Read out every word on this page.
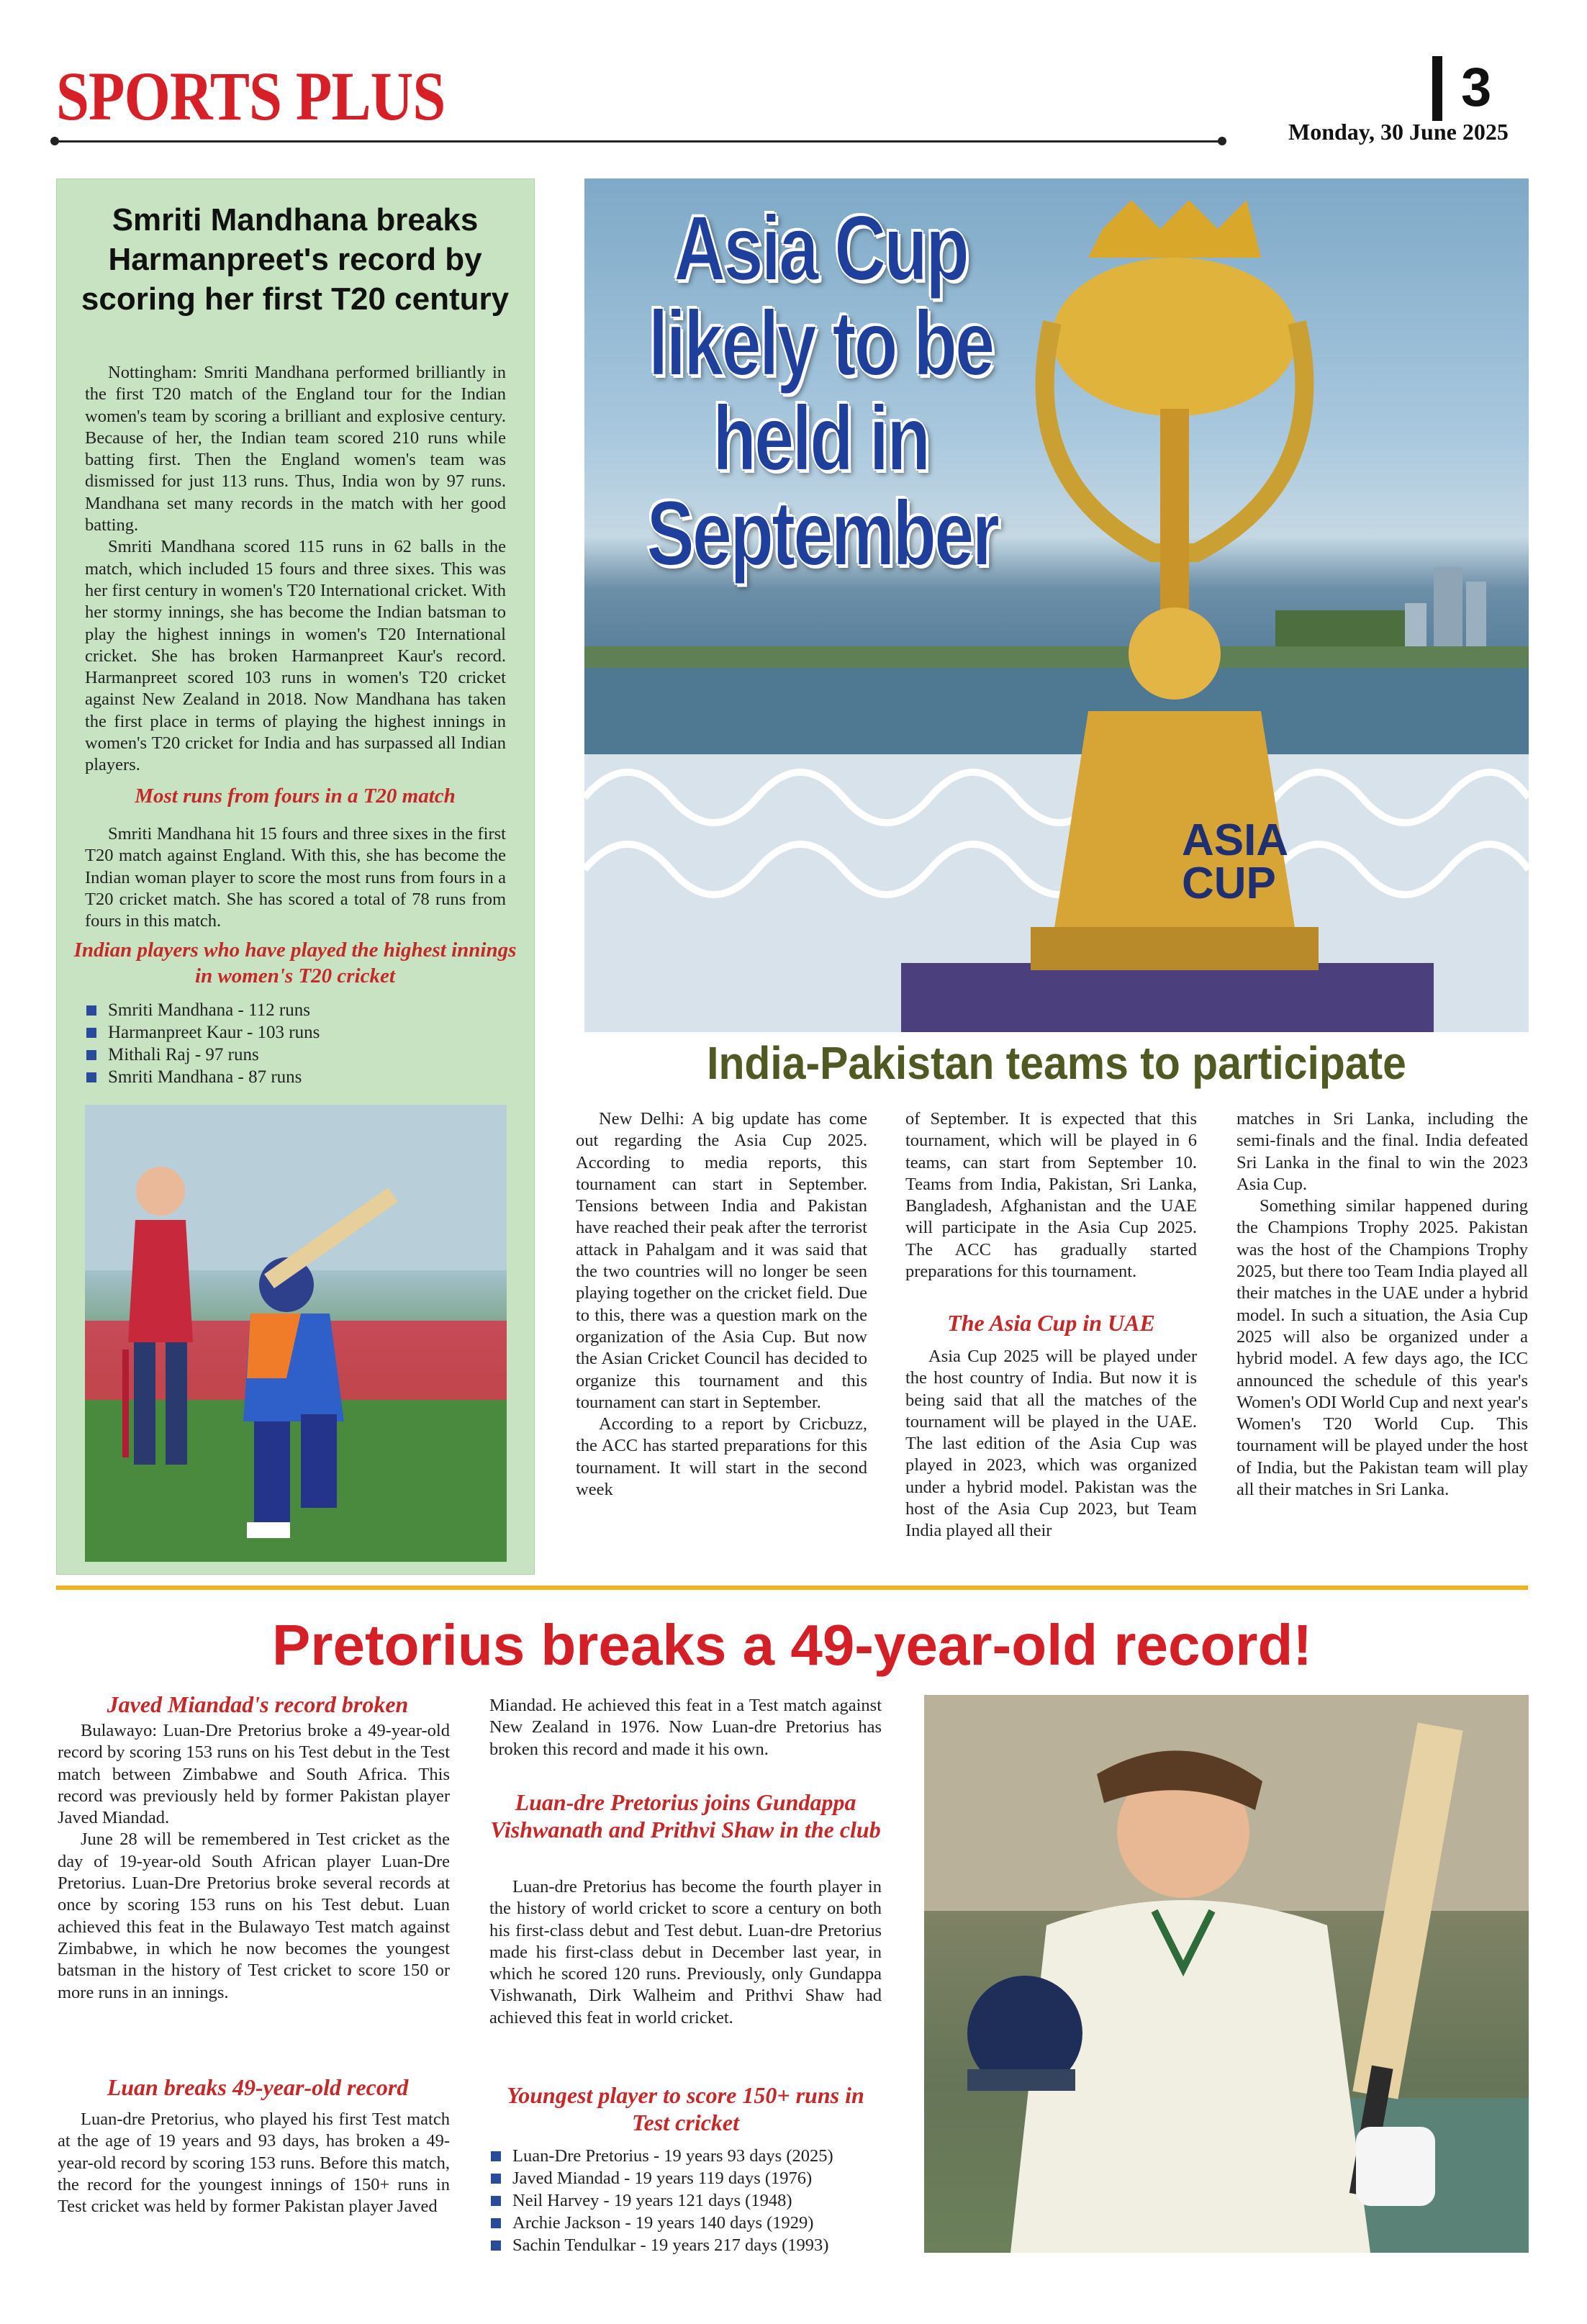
SPORTS PLUS	3
Monday, 30 June 2025
Smriti Mandhana breaks Harmanpreet's record by scoring her first T20 century

Nottingham: Smriti Mandhana performed brilliantly in the first T20 match of the England tour for the Indian women's team by scoring a brilliant and explosive century. Because of her, the Indian team scored 210 runs while batting first. Then the England women's team was dismissed for just 113 runs. Thus, India won by 97 runs. Mandhana set many records in the match with her good batting.

Smriti Mandhana scored 115 runs in 62 balls in the match, which included 15 fours and three sixes. This was her first century in women's T20 International cricket. With her stormy innings, she has become the Indian batsman to play the highest innings in women's T20 International cricket. She has broken Harmanpreet Kaur's record. Harmanpreet scored 103 runs in women's T20 cricket against New Zealand in 2018. Now Mandhana has taken the first place in terms of playing the highest innings in women's T20 cricket for India and has surpassed all Indian players.

Most runs from fours in a T20 match

Smriti Mandhana hit 15 fours and three sixes in the first T20 match against England. With this, she has become the Indian woman player to score the most runs from fours in a T20 cricket match. She has scored a total of 78 runs from fours in this match.

Indian players who have played the highest innings in women's T20 cricket
Smriti Mandhana - 112 runs
Harmanpreet Kaur - 103 runs
Mithali Raj - 97 runs
Smriti Mandhana - 87 runs
ASIA
CUP
Asia Cup likely to be held in September
India-Pakistan teams to participate

New Delhi: A big update has come out regarding the Asia Cup 2025. According to media reports, this tournament can start in September. Tensions between India and Pakistan have reached their peak after the terrorist attack in Pahalgam and it was said that the two countries will no longer be seen playing together on the cricket field. Due to this, there was a question mark on the organization of the Asia Cup. But now the Asian Cricket Council has decided to organize this tournament and this tournament can start in September.

According to a report by Cricbuzz, the ACC has started preparations for this tournament. It will start in the second week

of September. It is expected that this tournament, which will be played in 6 teams, can start from September 10. Teams from India, Pakistan, Sri Lanka, Bangladesh, Afghanistan and the UAE will participate in the Asia Cup 2025. The ACC has gradually started preparations for this tournament.

The Asia Cup in UAE

Asia Cup 2025 will be played under the host country of India. But now it is being said that all the matches of the tournament will be played in the UAE. The last edition of the Asia Cup was played in 2023, which was organized under a hybrid model. Pakistan was the host of the Asia Cup 2023, but Team India played all their

matches in Sri Lanka, including the semi-finals and the final. India defeated Sri Lanka in the final to win the 2023 Asia Cup.

Something similar happened during the Champions Trophy 2025. Pakistan was the host of the Champions Trophy 2025, but there too Team India played all their matches in the UAE under a hybrid model. In such a situation, the Asia Cup 2025 will also be organized under a hybrid model. A few days ago, the ICC announced the schedule of this year's Women's ODI World Cup and next year's Women's T20 World Cup. This tournament will be played under the host of India, but the Pakistan team will play all their matches in Sri Lanka.

Pretorius breaks a 49-year-old record!
Javed Miandad's record broken

Bulawayo: Luan-Dre Pretorius broke a 49-year-old record by scoring 153 runs on his Test debut in the Test match between Zimbabwe and South Africa. This record was previously held by former Pakistan player Javed Miandad.

June 28 will be remembered in Test cricket as the day of 19-year-old South African player Luan-Dre Pretorius. Luan-Dre Pretorius broke several records at once by scoring 153 runs on his Test debut. Luan achieved this feat in the Bulawayo Test match against Zimbabwe, in which he now becomes the youngest batsman in the history of Test cricket to score 150 or more runs in an innings.

Luan breaks 49-year-old record

Luan-dre Pretorius, who played his first Test match at the age of 19 years and 93 days, has broken a 49-year-old record by scoring 153 runs. Before this match, the record for the youngest innings of 150+ runs in Test cricket was held by former Pakistan player Javed

Miandad. He achieved this feat in a Test match against New Zealand in 1976. Now Luan-dre Pretorius has broken this record and made it his own.

Luan-dre Pretorius joins Gundappa Vishwanath and Prithvi Shaw in the club

Luan-dre Pretorius has become the fourth player in the history of world cricket to score a century on both his first-class debut and Test debut. Luan-dre Pretorius made his first-class debut in December last year, in which he scored 120 runs. Previously, only Gundappa Vishwanath, Dirk Walheim and Prithvi Shaw had achieved this feat in world cricket.

Youngest player to score 150+ runs in Test cricket
Luan-Dre Pretorius - 19 years 93 days (2025)
Javed Miandad - 19 years 119 days (1976)
Neil Harvey - 19 years 121 days (1948)
Archie Jackson - 19 years 140 days (1929)
Sachin Tendulkar - 19 years 217 days (1993)
